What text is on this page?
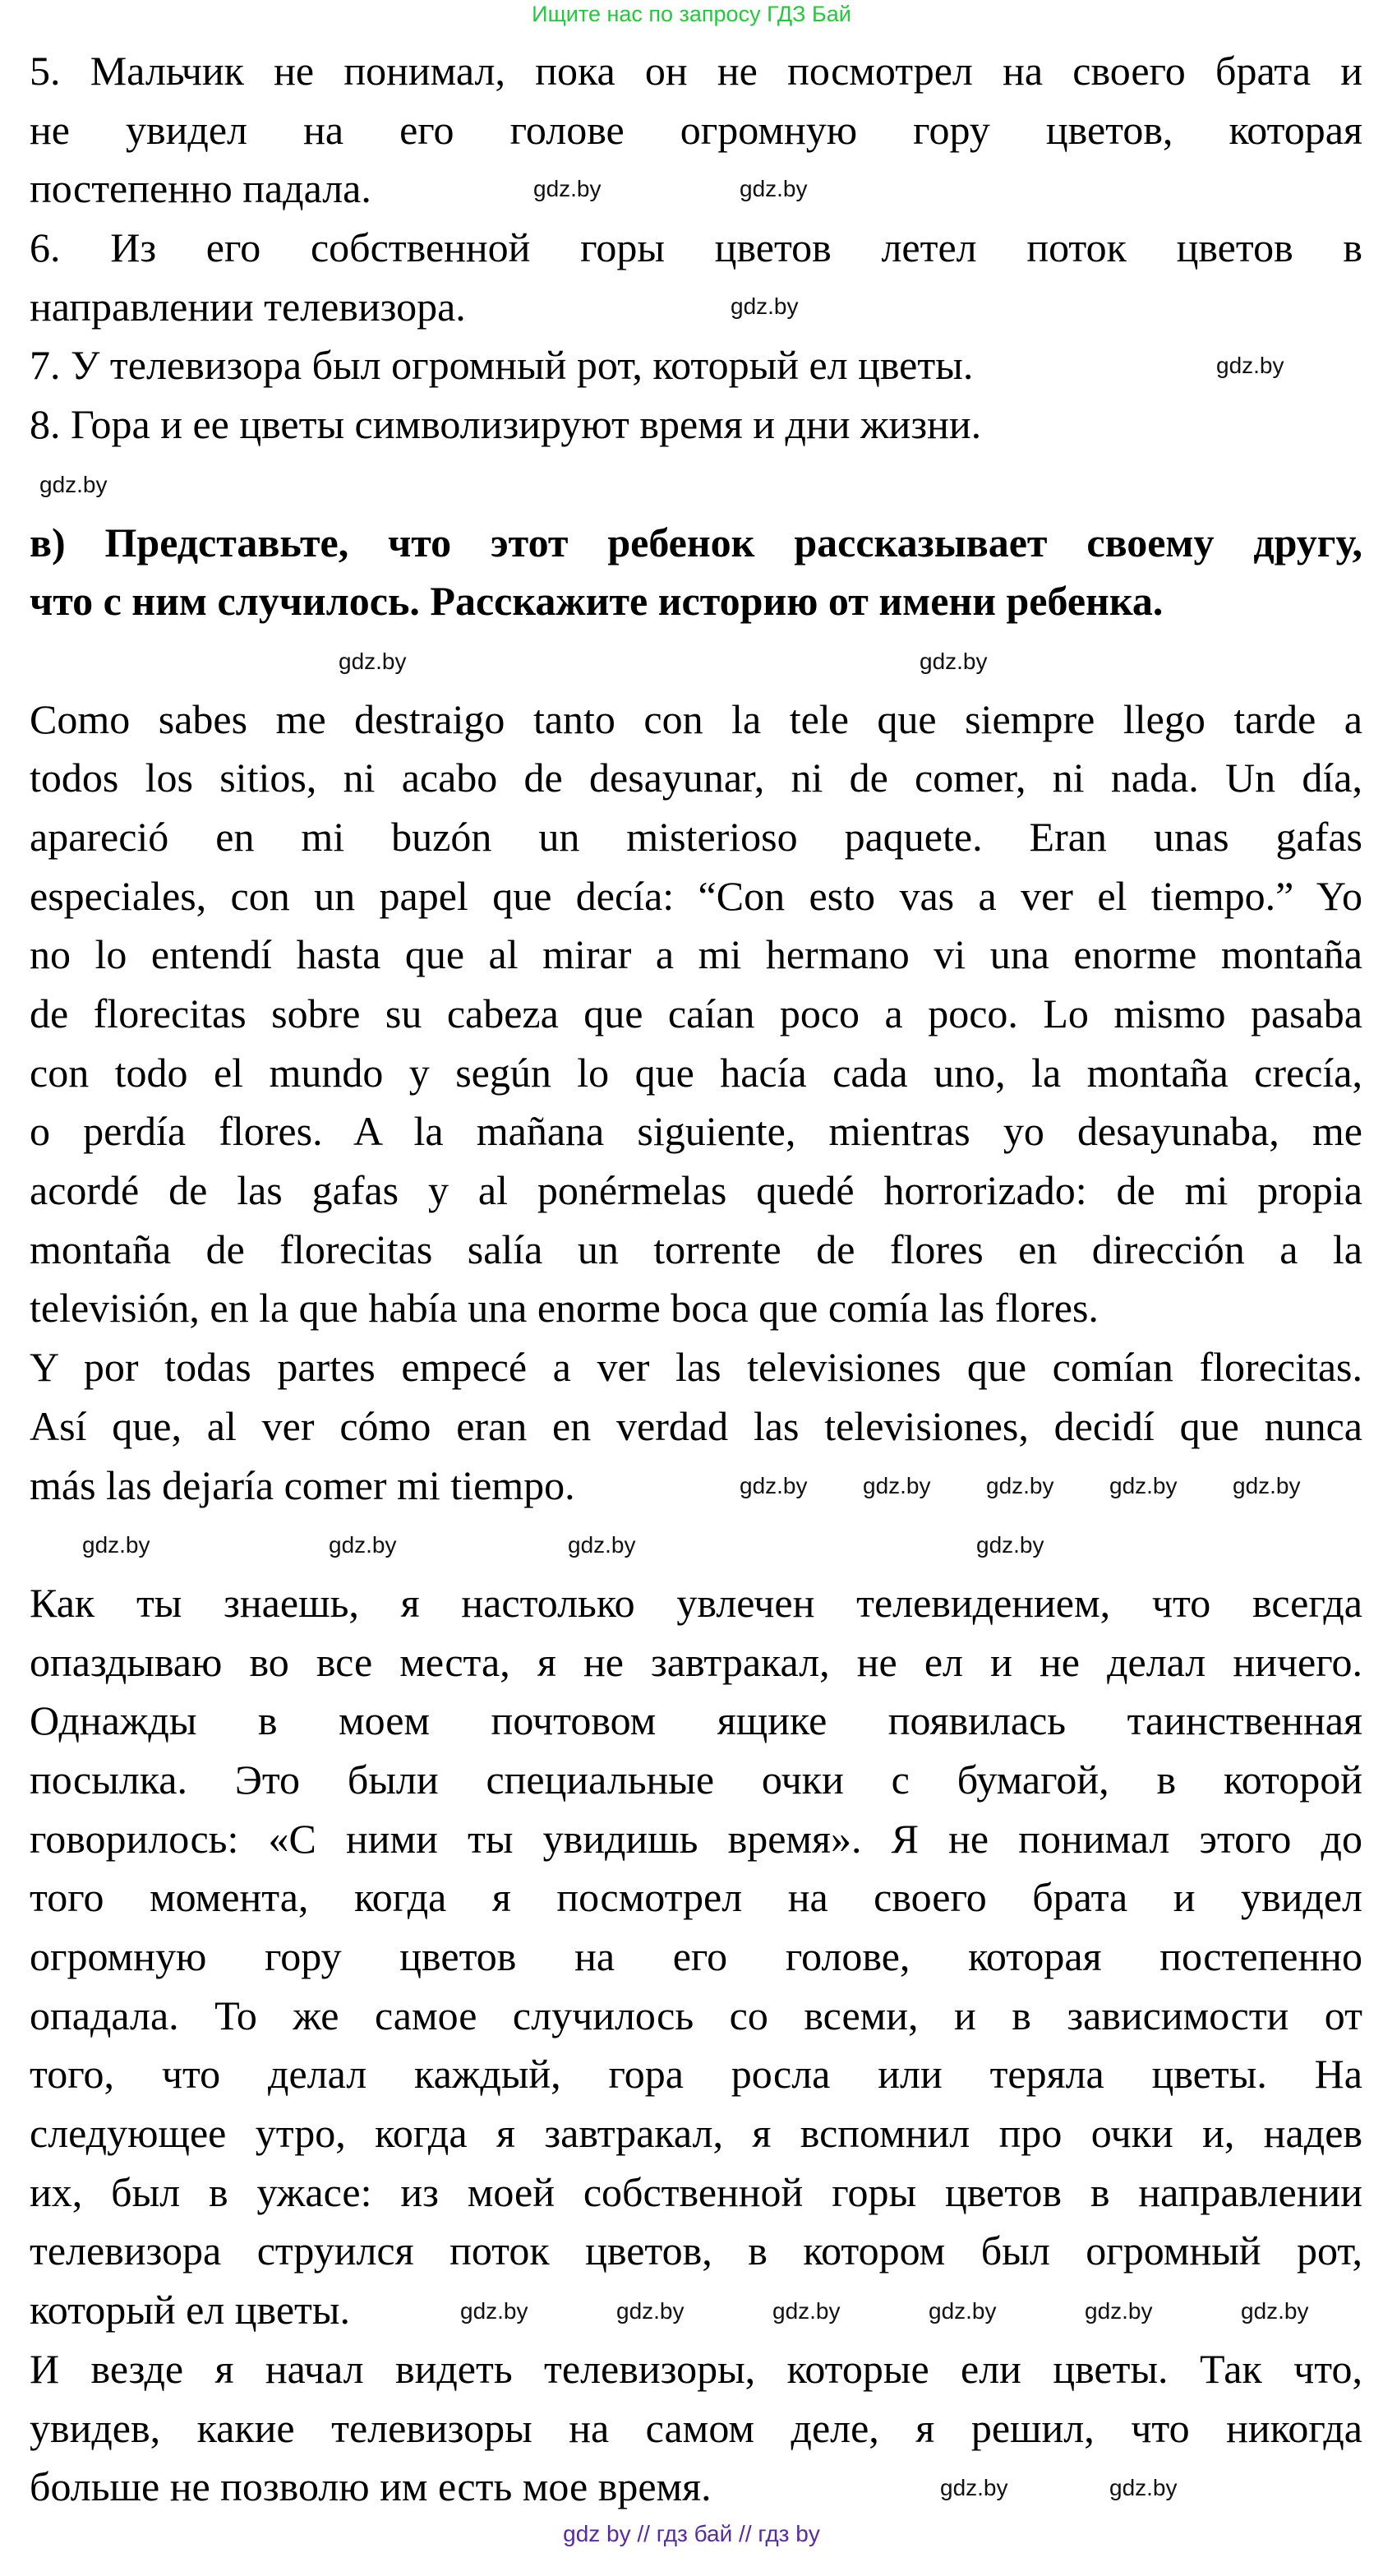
Ищите нас по запросу ГДЗ Бай
5. Мальчик не понимал, пока он не посмотрел на своего брата и
не увидел на его голове огромную гору цветов, которая
постепенно падала.
6. Из его собственной горы цветов летел поток цветов в
направлении телевизора.
7. У телевизора был огромный рот, который ел цветы.
8. Гора и ее цветы символизируют время и дни жизни.
в) Представьте, что этот ребенок рассказывает своему другу,
что с ним случилось. Расскажите историю от имени ребенка.
Como sabes me destraigo tanto con la tele que siempre llego tarde a
todos los sitios, ni acabo de desayunar, ni de comer, ni nada. Un día,
apareció en mi buzón un misterioso paquete. Eran unas gafas
especiales, con un papel que decía: “Con esto vas a ver el tiempo.” Yo
no lo entendí hasta que al mirar a mi hermano vi una enorme montaña
de florecitas sobre su cabeza que caían poco a poco. Lo mismo pasaba
con todo el mundo y según lo que hacía cada uno, la montaña crecía,
o perdía flores. A la mañana siguiente, mientras yo desayunaba, me
acordé de las gafas y al ponérmelas quedé horrorizado: de mi propia
montaña de florecitas salía un torrente de flores en dirección a la
televisión, en la que había una enorme boca que comía las flores.
Y por todas partes empecé a ver las televisiones que comían florecitas.
Así que, al ver cómo eran en verdad las televisiones, decidí que nunca
más las dejaría comer mi tiempo.
Как ты знаешь, я настолько увлечен телевидением, что всегда
опаздываю во все места, я не завтракал, не ел и не делал ничего.
Однажды в моем почтовом ящике появилась таинственная
посылка. Это были специальные очки с бумагой, в которой
говорилось: «С ними ты увидишь время». Я не понимал этого до
того момента, когда я посмотрел на своего брата и увидел
огромную гору цветов на его голове, которая постепенно
опадала. То же самое случилось со всеми, и в зависимости от
того, что делал каждый, гора росла или теряла цветы. На
следующее утро, когда я завтракал, я вспомнил про очки и, надев
их, был в ужасе: из моей собственной горы цветов в направлении
телевизора струился поток цветов, в котором был огромный рот,
который ел цветы.
И везде я начал видеть телевизоры, которые ели цветы. Так что,
увидев, какие телевизоры на самом деле, я решил, что никогда
больше не позволю им есть мое время.
gdz.by	gdz.by
gdz.by
gdz.by
gdz.by
gdz.by
gdz.by
gdz.by gdz.by gdz.by gdz.by gdz.by
gdz.by	gdz.by	gdz.by	gdz.by
gdz.by	gdz.by	gdz.by	gdz.by	gdz.by	gdz.by
gdz.by	gdz.by
gdz by // гдз бай // гдз by
